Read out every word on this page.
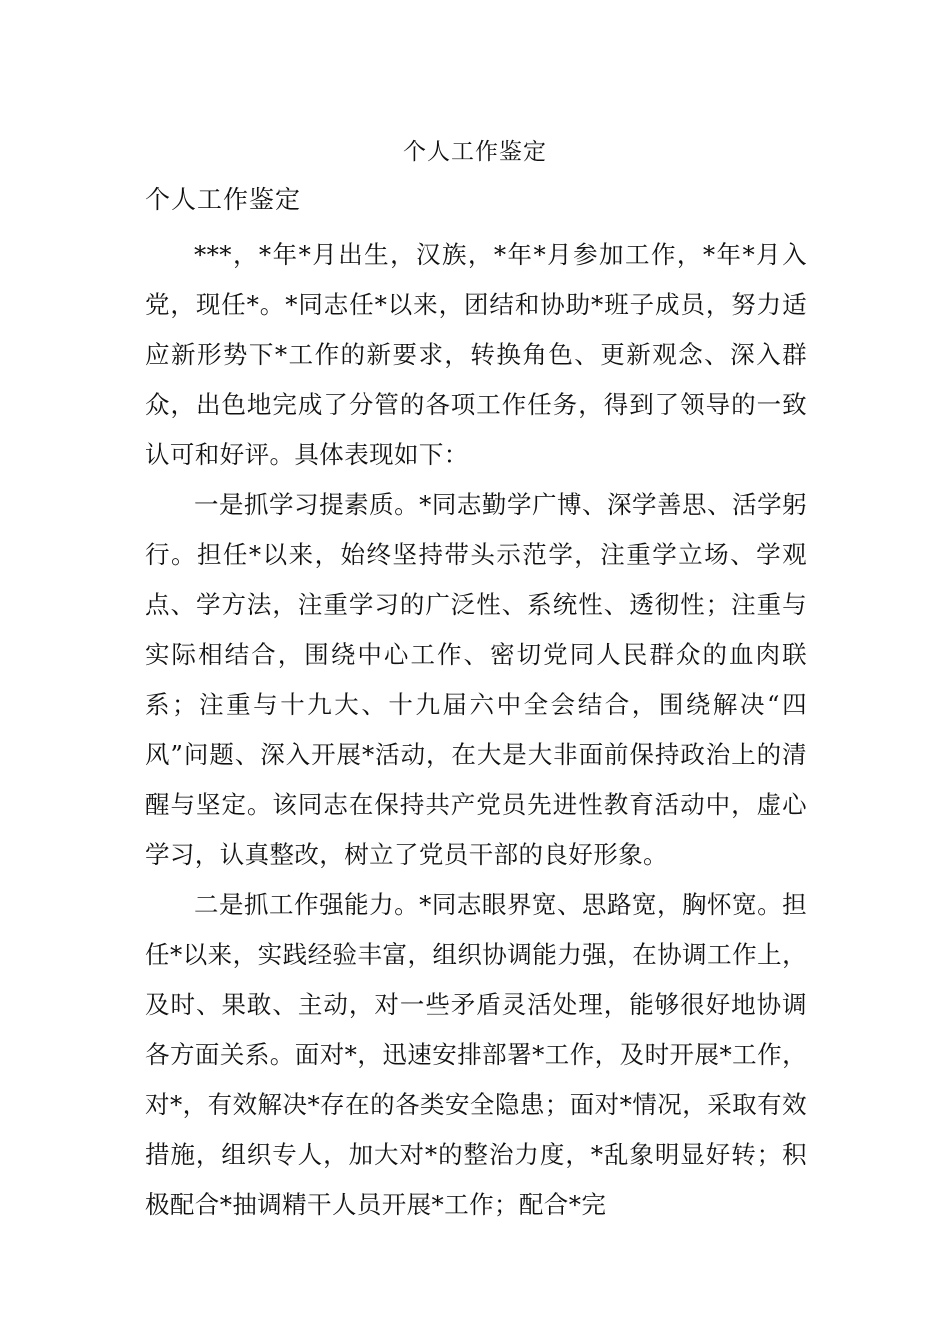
个人工作鉴定
个人工作鉴定

***，*年*月出生，汉族，*年*月参加工作，*年*月入党，现任*。*同志任*以来，团结和协助*班子成员，努力适应新形势下*工作的新要求，转换角色、更新观念、深入群众，出色地完成了分管的各项工作任务，得到了领导的一致认可和好评。具体表现如下：

一是抓学习提素质。*同志勤学广博、深学善思、活学躬行。担任*以来，始终坚持带头示范学，注重学立场、学观点、学方法，注重学习的广泛性、系统性、透彻性；注重与实际相结合，围绕中心工作、密切党同人民群众的血肉联系；注重与十九大、十九届六中全会结合，围绕解决“四风”问题、深入开展*活动，在大是大非面前保持政治上的清醒与坚定。该同志在保持共产党员先进性教育活动中，虚心学习，认真整改，树立了党员干部的良好形象。

二是抓工作强能力。*同志眼界宽、思路宽，胸怀宽。担任*以来，实践经验丰富，组织协调能力强，在协调工作上，及时、果敢、主动，对一些矛盾灵活处理，能够很好地协调各方面关系。面对*，迅速安排部署*工作，及时开展*工作，对*，有效解决*存在的各类安全隐患；面对*情况，采取有效措施，组织专人，加大对*的整治力度，*乱象明显好转；积极配合*抽调精干人员开展*工作；配合*完
